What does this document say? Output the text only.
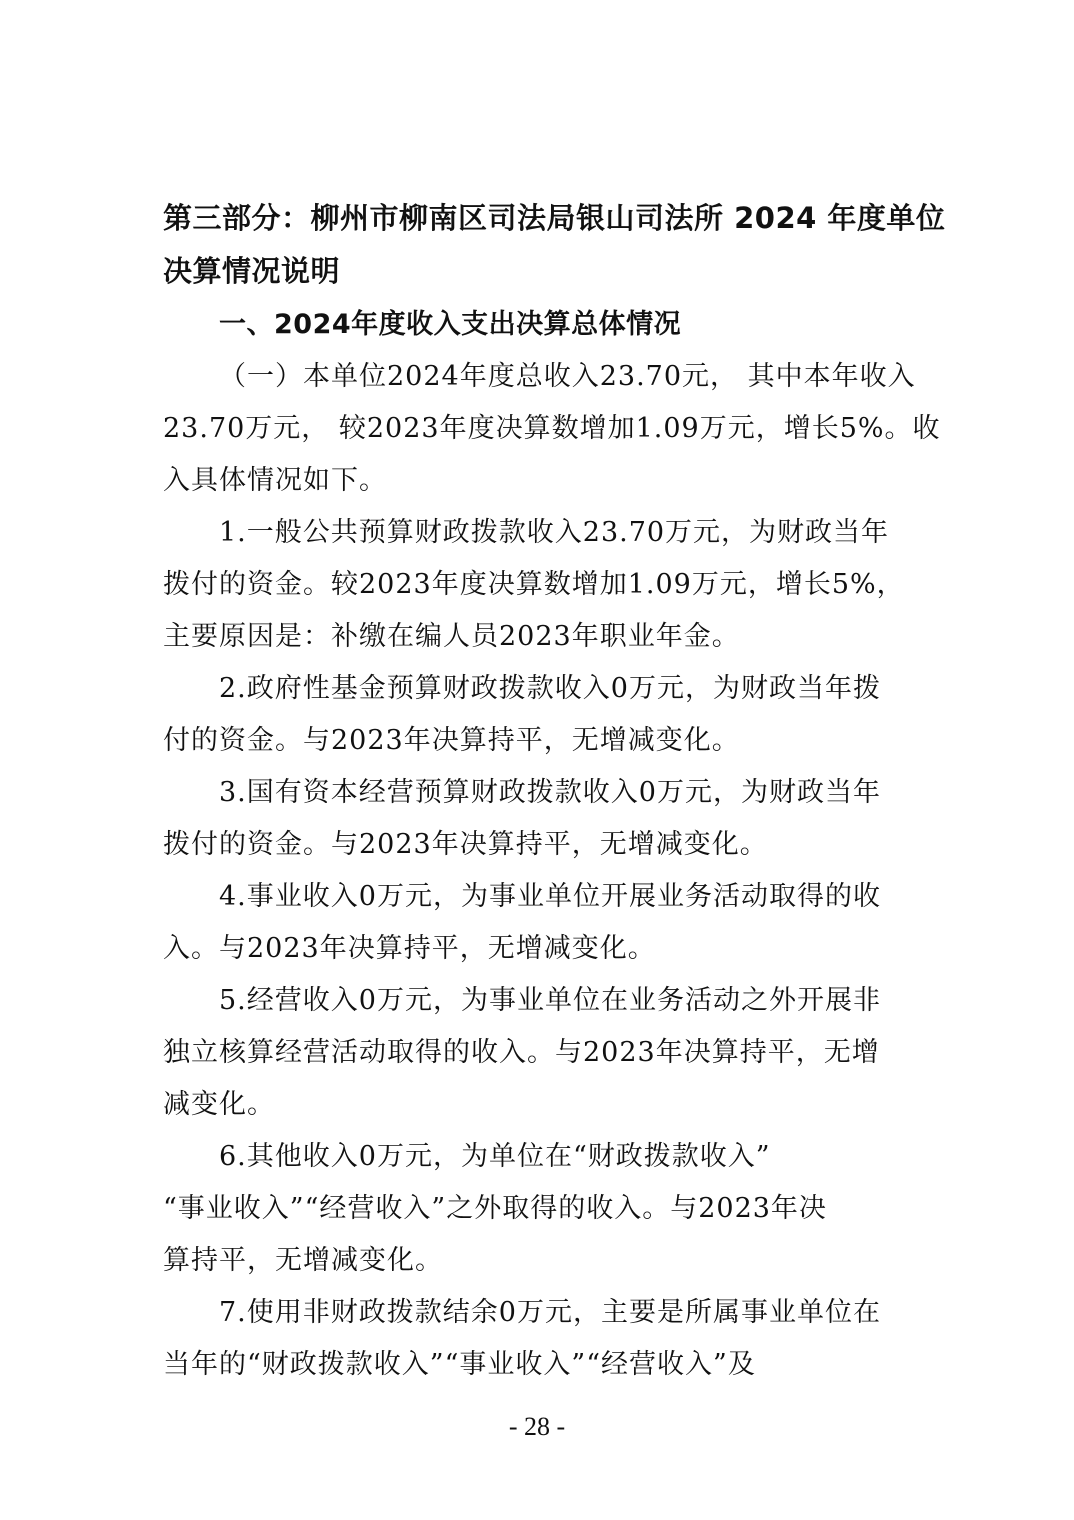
第三部分：柳州市柳南区司法局银山司法所 2024 年度单位
决算情况说明
一、2024年度收入支出决算总体情况

（一）本单位2024年度总收入23.70元， 其中本年收入
23.70万元， 较2023年度决算数增加1.09万元，增长5%。收
入具体情况如下。

1.一般公共预算财政拨款收入23.70万元，为财政当年
拨付的资金。较2023年度决算数增加1.09万元，增长5%，
主要原因是：补缴在编人员2023年职业年金。

2.政府性基金预算财政拨款收入0万元，为财政当年拨
付的资金。与2023年决算持平，无增减变化。

3.国有资本经营预算财政拨款收入0万元，为财政当年
拨付的资金。与2023年决算持平，无增减变化。

4.事业收入0万元，为事业单位开展业务活动取得的收
入。与2023年决算持平，无增减变化。

5.经营收入0万元，为事业单位在业务活动之外开展非
独立核算经营活动取得的收入。与2023年决算持平，无增
减变化。

6.其他收入0万元，为单位在“财政拨款收入”
“事业收入”“经营收入”之外取得的收入。与2023年决
算持平，无增减变化。

7.使用非财政拨款结余0万元，主要是所属事业单位在
当年的“财政拨款收入”“事业收入”“经营收入”及

- 28 -
